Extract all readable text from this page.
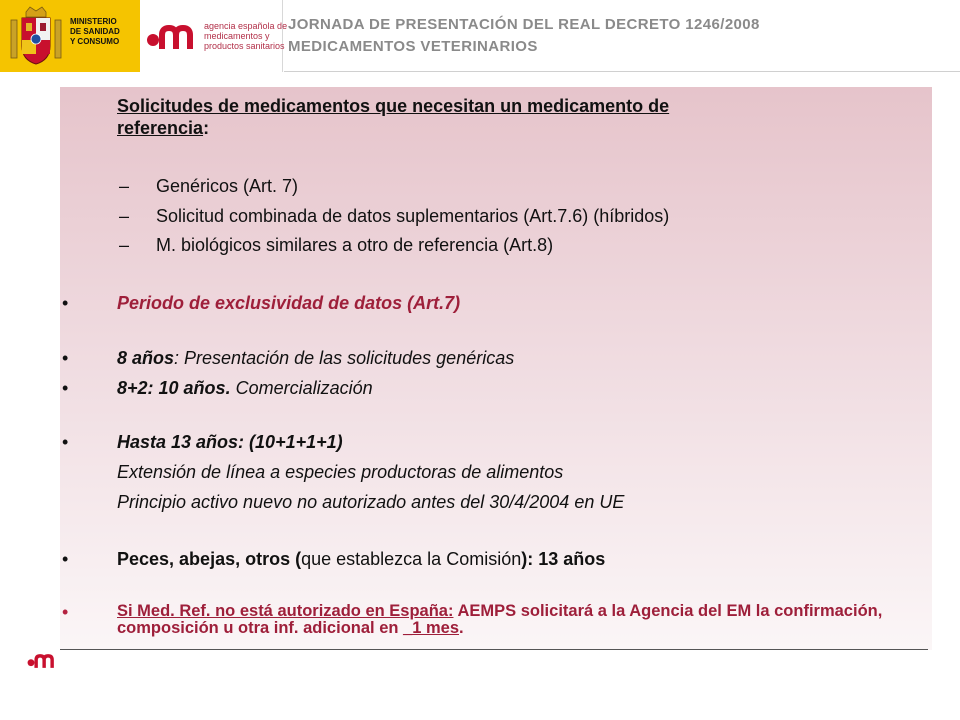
MINISTERIO
DE SANIDAD
Y CONSUMO
agencia española de
medicamentos y
productos sanitarios
JORNADA DE PRESENTACIÓN DEL REAL DECRETO 1246/2008
MEDICAMENTOS VETERINARIOS
Solicitudes de medicamentos que necesitan un medicamento de
referencia:
– Genéricos (Art. 7)
– Solicitud combinada de datos suplementarios (Art.7.6) (híbridos)
– M. biológicos similares a otro de referencia (Art.8)
•	Periodo de exclusividad de datos (Art.7)
•	8 años: Presentación de las solicitudes genéricas
•	8+2: 10 años. Comercialización
•	Hasta 13 años: (10+1+1+1)
Extensión de línea a especies productoras de alimentos
Principio activo nuevo no autorizado antes del 30/4/2004 en UE
•	Peces, abejas, otros (que establezca la Comisión): 13 años
•	Si Med. Ref. no está autorizado en España: AEMPS solicitará a la Agencia del EM la confirmación, composición u otra inf. adicional en _1 mes.
